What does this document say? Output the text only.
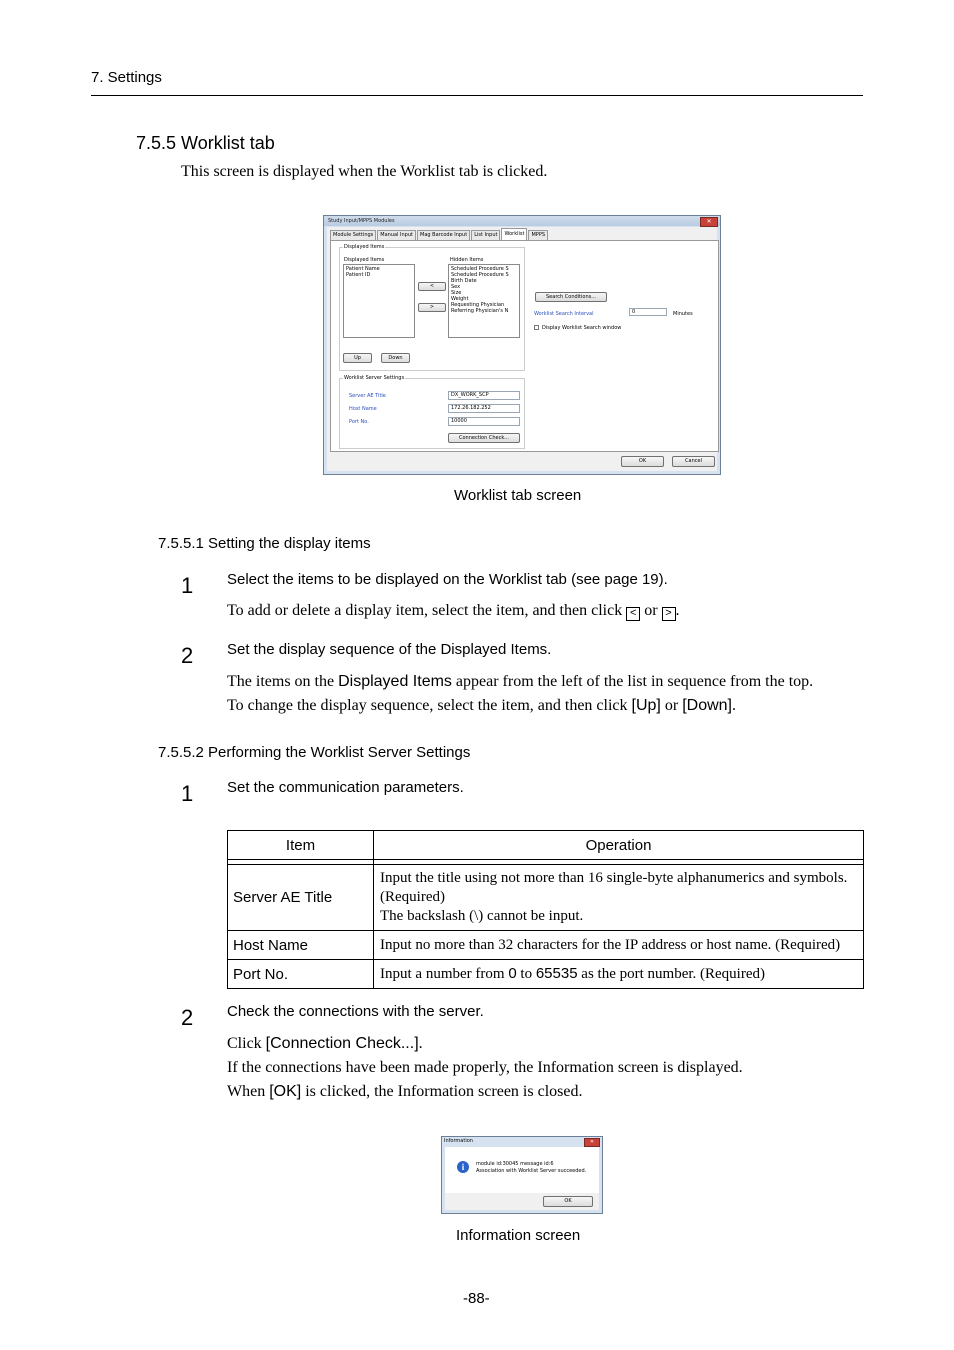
7. Settings
7.5.5 Worklist tab
This screen is displayed when the Worklist tab is clicked.
Study Input/MPPS Modules	✕
Module Settings	Manual Input	Mag Barcode Input	List Input	Worklist	MPPS
Displayed Items
Displayed Items
Patient Name
Patient ID
<
>
Hidden Items
Scheduled Procedure S
Scheduled Procedure S
Birth Date
Sex
Size
Weight
Requesting Physician
Referring Physician's N
Up	Down
Search Conditions...
Worklist Search Interval	0	Minutes
Display Worklist Search window
Worklist Server Settings
Server AE Title	DX_WORK_SCP
Host Name	172.26.182.252
Port No.	10000
Connection Check...
OK	Cancel
Worklist tab screen
7.5.5.1 Setting the display items
1 Select the items to be displayed on the Worklist tab (see page 19).
To add or delete a display item, select the item, and then click < or > .
2 Set the display sequence of the Displayed Items.
The items on the Displayed Items appear from the left of the list in sequence from the top.
To change the display sequence, select the item, and then click [Up] or [Down].
7.5.5.2 Performing the Worklist Server Settings
1 Set the communication parameters.
Item	Operation

Server AE Title	Input the title using not more than 16 single-byte alphanumerics and symbols. (Required)
The backslash (\) cannot be input.

Host Name	Input no more than 32 characters for the IP address or host name. (Required)
Port No.	Input a number from 0 to 65535 as the port number. (Required)
2 Check the connections with the server.
Click [Connection Check...].
If the connections have been made properly, the Information screen is displayed.
When [OK] is clicked, the Information screen is closed.
Information	✕
i	module id:30045 message id:6
Association with Worklist Server succeeded.
OK
Information screen
-88-
